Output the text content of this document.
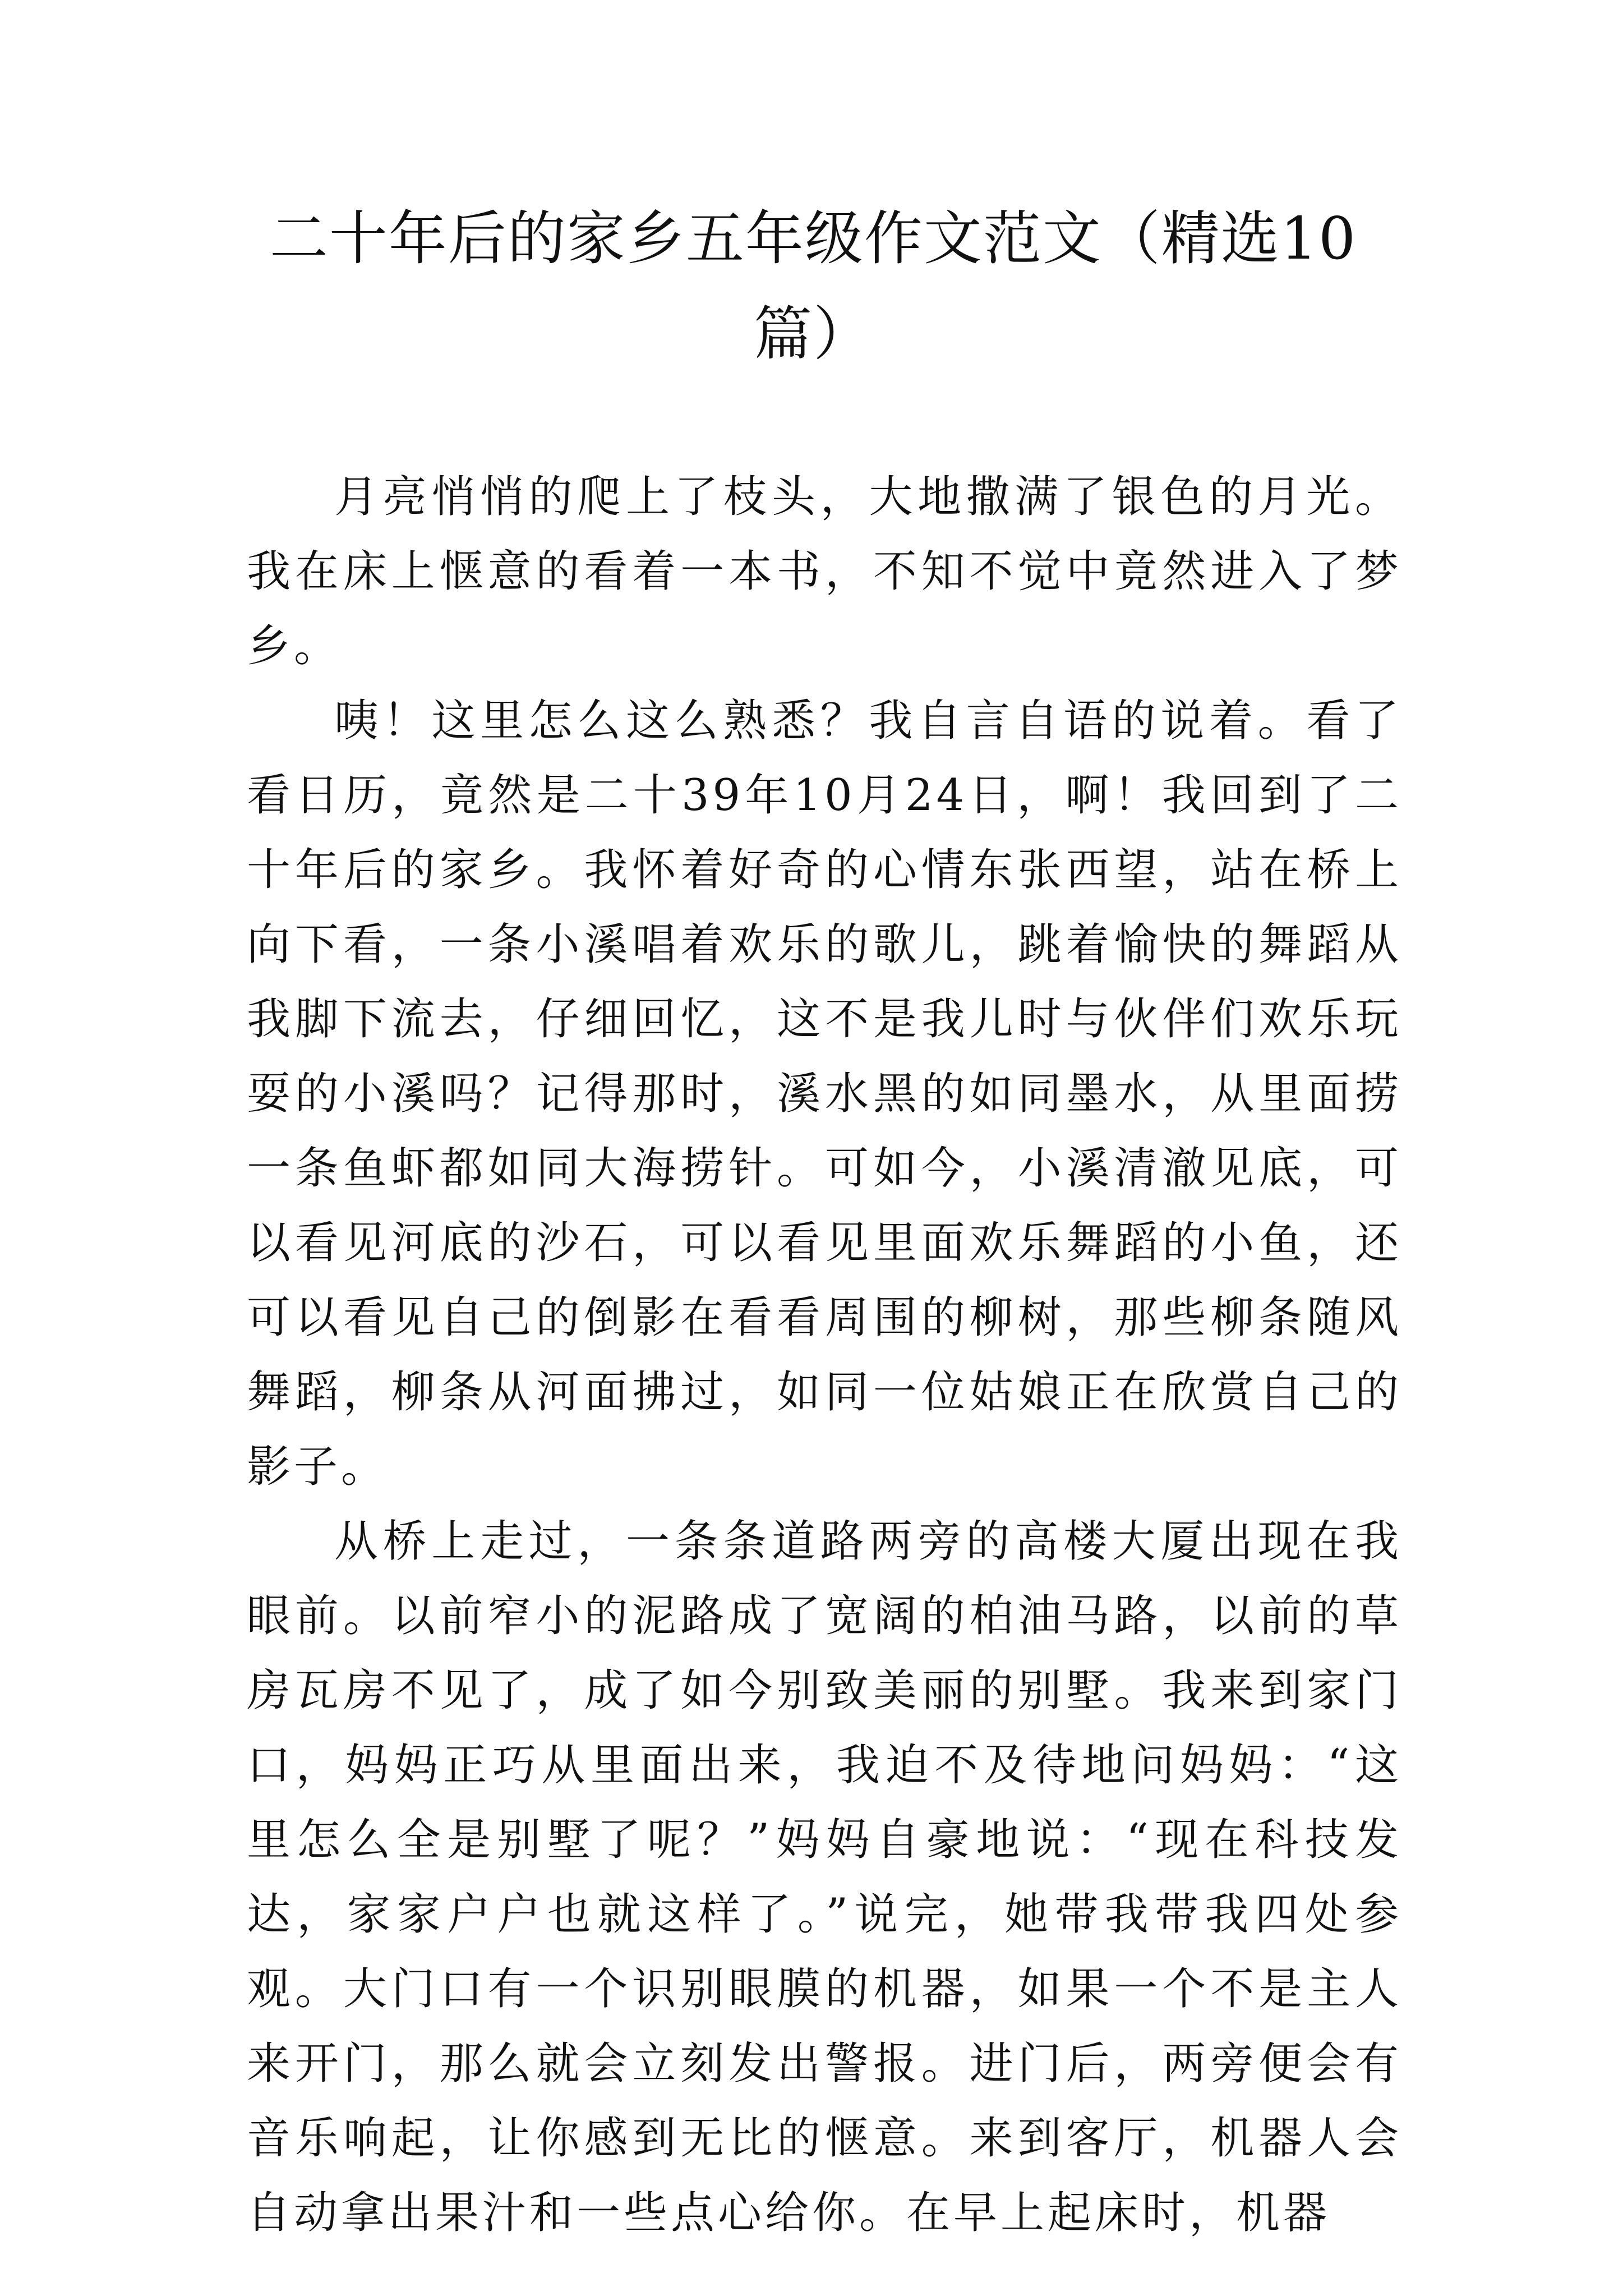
二十年后的家乡五年级作文范文（精选10篇）

月亮悄悄的爬上了枝头，大地撒满了银色的月光。我在床上惬意的看着一本书，不知不觉中竟然进入了梦乡。

咦！这里怎么这么熟悉？我自言自语的说着。看了看日历，竟然是二十39年10月24日，啊！我回到了二十年后的家乡。我怀着好奇的心情东张西望，站在桥上向下看，一条小溪唱着欢乐的歌儿，跳着愉快的舞蹈从我脚下流去，仔细回忆，这不是我儿时与伙伴们欢乐玩耍的小溪吗？记得那时，溪水黑的如同墨水，从里面捞一条鱼虾都如同大海捞针。可如今，小溪清澈见底，可以看见河底的沙石，可以看见里面欢乐舞蹈的小鱼，还可以看见自己的倒影在看看周围的柳树，那些柳条随风舞蹈，柳条从河面拂过，如同一位姑娘正在欣赏自己的影子。

从桥上走过，一条条道路两旁的高楼大厦出现在我眼前。以前窄小的泥路成了宽阔的柏油马路，以前的草房瓦房不见了，成了如今别致美丽的别墅。我来到家门口，妈妈正巧从里面出来，我迫不及待地问妈妈：“这里怎么全是别墅了呢？”妈妈自豪地说：“现在科技发达，家家户户也就这样了。”说完，她带我带我四处参观。大门口有一个识别眼膜的机器，如果一个不是主人来开门，那么就会立刻发出警报。进门后，两旁便会有音乐响起，让你感到无比的惬意。来到客厅，机器人会自动拿出果汁和一些点心给你。在早上起床时，机器
